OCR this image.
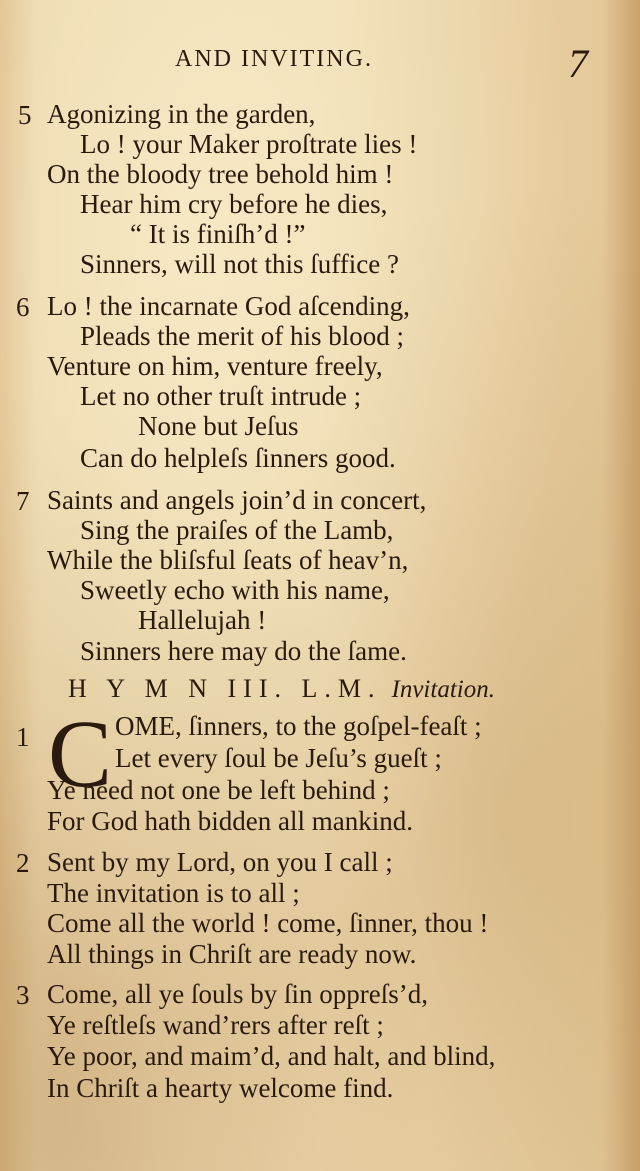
AND INVITING.	7
5 Agonizing in the garden,
Lo ! your Maker proſtrate lies !
On the bloody tree behold him !
Hear him cry before he dies,
“ It is finiſh’d !”
Sinners, will not this ſuffice ?
6 Lo ! the incarnate God aſcending,
Pleads the merit of his blood ;
Venture on him, venture freely,
Let no other truſt intrude ;
None but Jeſus
Can do helpleſs ſinners good.
7 Saints and angels join’d in concert,
Sing the praiſes of the Lamb,
While the bliſsful ſeats of heav’n,
Sweetly echo with his name,
Hallelujah !
Sinners here may do the ſame.
H Y M N III. L.M. Invitation.
1 C OME, ſinners, to the goſpel-feaſt ;
Let every ſoul be Jeſu’s gueſt ;
Ye need not one be left behind ;
For God hath bidden all mankind.
2 Sent by my Lord, on you I call ;
The invitation is to all ;
Come all the world ! come, ſinner, thou !
All things in Chriſt are ready now.
3 Come, all ye ſouls by ſin oppreſs’d,
Ye reſtleſs wand’rers after reſt ;
Ye poor, and maim’d, and halt, and blind,
In Chriſt a hearty welcome find.
